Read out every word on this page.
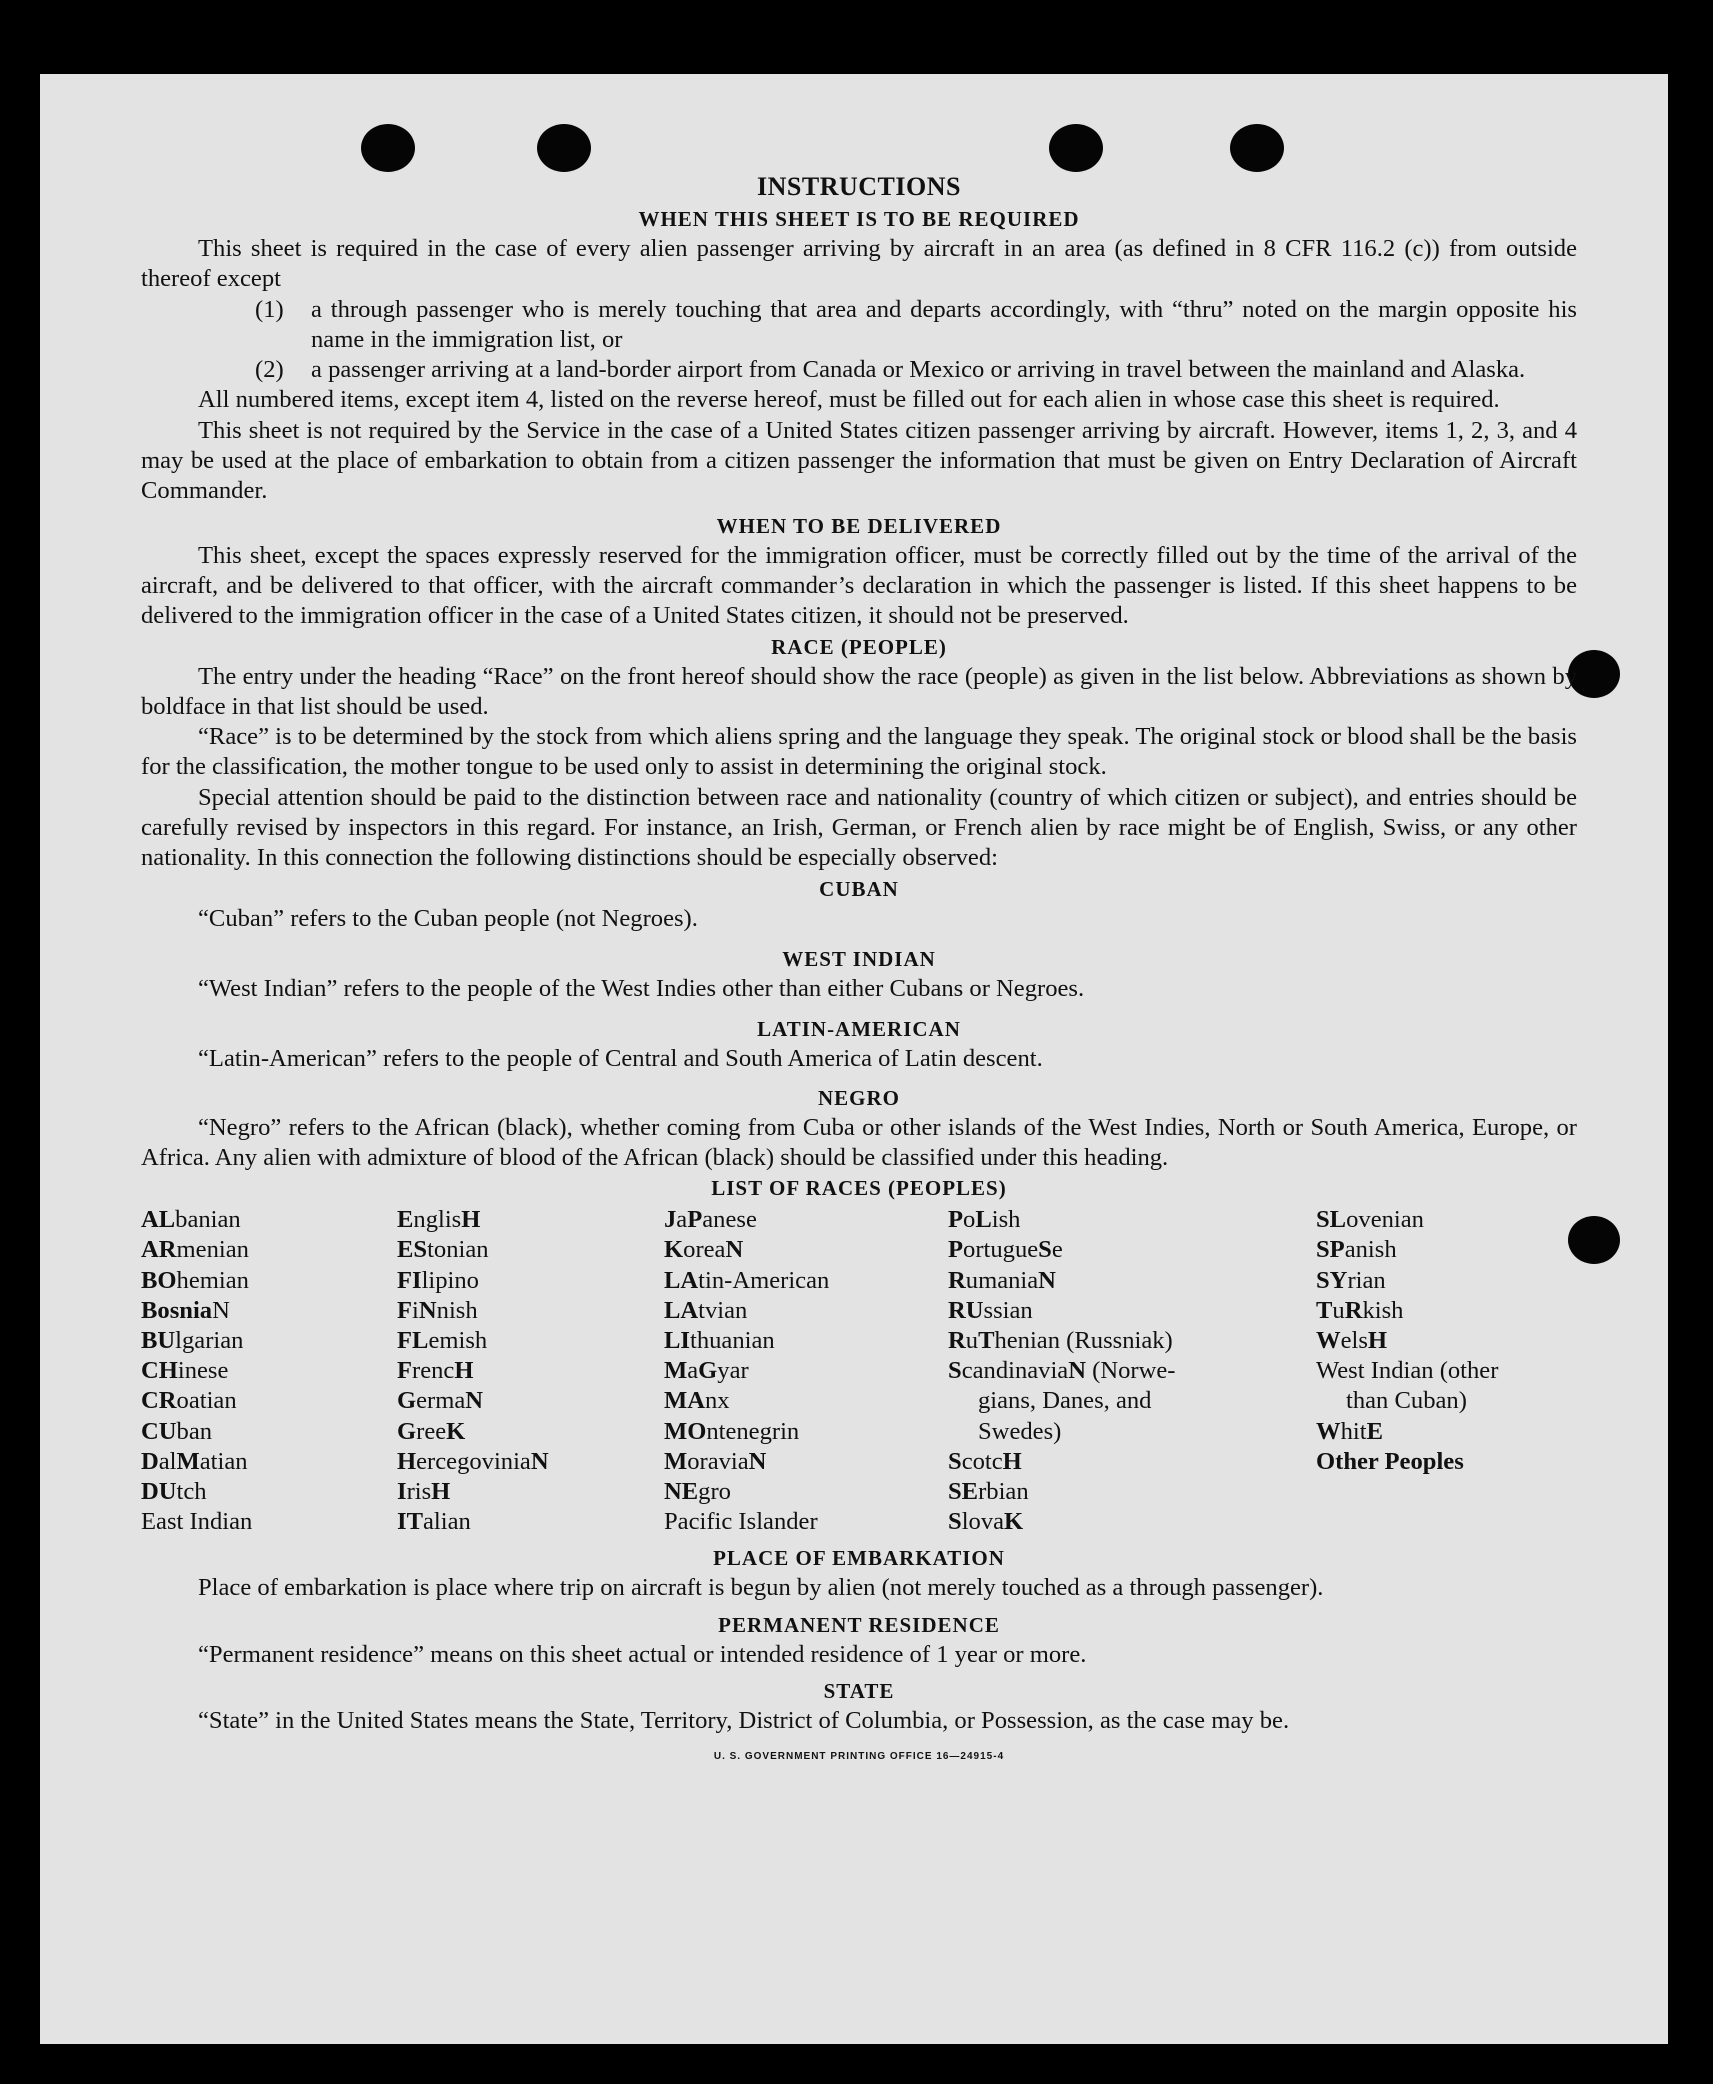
INSTRUCTIONS

WHEN THIS SHEET IS TO BE REQUIRED

This sheet is required in the case of every alien passenger arriving by aircraft in an area (as defined in 8 CFR 116.2 (c)) from outside thereof except

(1)	a through passenger who is merely touching that area and departs accordingly, with “thru” noted on the margin opposite his name in the immigration list, or
(2)	a passenger arriving at a land-border airport from Canada or Mexico or arriving in travel between the mainland and Alaska.

All numbered items, except item 4, listed on the reverse hereof, must be filled out for each alien in whose case this sheet is required.

This sheet is not required by the Service in the case of a United States citizen passenger arriving by aircraft. However, items 1, 2, 3, and 4 may be used at the place of embarkation to obtain from a citizen passenger the information that must be given on Entry Declaration of Aircraft Commander.

WHEN TO BE DELIVERED

This sheet, except the spaces expressly reserved for the immigration officer, must be correctly filled out by the time of the arrival of the aircraft, and be delivered to that officer, with the aircraft commander’s declaration in which the passenger is listed. If this sheet happens to be delivered to the immigration officer in the case of a United States citizen, it should not be preserved.

RACE (PEOPLE)

The entry under the heading “Race” on the front hereof should show the race (people) as given in the list below. Abbreviations as shown by boldface in that list should be used.

“Race” is to be determined by the stock from which aliens spring and the language they speak. The original stock or blood shall be the basis for the classification, the mother tongue to be used only to assist in determining the original stock.

Special attention should be paid to the distinction between race and nationality (country of which citizen or subject), and entries should be carefully revised by inspectors in this regard. For instance, an Irish, German, or French alien by race might be of English, Swiss, or any other nationality. In this connection the following distinctions should be especially observed:

CUBAN

“Cuban” refers to the Cuban people (not Negroes).

WEST INDIAN

“West Indian” refers to the people of the West Indies other than either Cubans or Negroes.

LATIN-AMERICAN

“Latin-American” refers to the people of Central and South America of Latin descent.

NEGRO

“Negro” refers to the African (black), whether coming from Cuba or other islands of the West Indies, North or South America, Europe, or Africa. Any alien with admixture of blood of the African (black) should be classified under this heading.

LIST OF RACES (PEOPLES)

ALbanian
ARmenian
BOhemian
BosniaN
BUlgarian
CHinese
CRoatian
CUban
DalMatian
DUtch
East Indian
EnglisH
EStonian
FIlipino
FiNnish
FLemish
FrencH
GermaN
GreeK
HercegoviniaN
IrisH
ITalian
JaPanese
KoreaN
LAtin-American
LAtvian
LIthuanian
MaGyar
MAnx
MOntenegrin
MoraviaN
NEgro
Pacific Islander
PoLish
PortugueSe
RumaniaN
RUssian
RuThenian (Russniak)
ScandinaviaN (Norwe-
gians, Danes, and
Swedes)
ScotcH
SErbian
SlovaK
SLovenian
SPanish
SYrian
TuRkish
WelsH
West Indian (other
than Cuban)
WhitE
Other Peoples

PLACE OF EMBARKATION

Place of embarkation is place where trip on aircraft is begun by alien (not merely touched as a through passenger).

PERMANENT RESIDENCE

“Permanent residence” means on this sheet actual or intended residence of 1 year or more.

STATE

“State” in the United States means the State, Territory, District of Columbia, or Possession, as the case may be.

U. S. GOVERNMENT PRINTING OFFICE 16—24915-4
